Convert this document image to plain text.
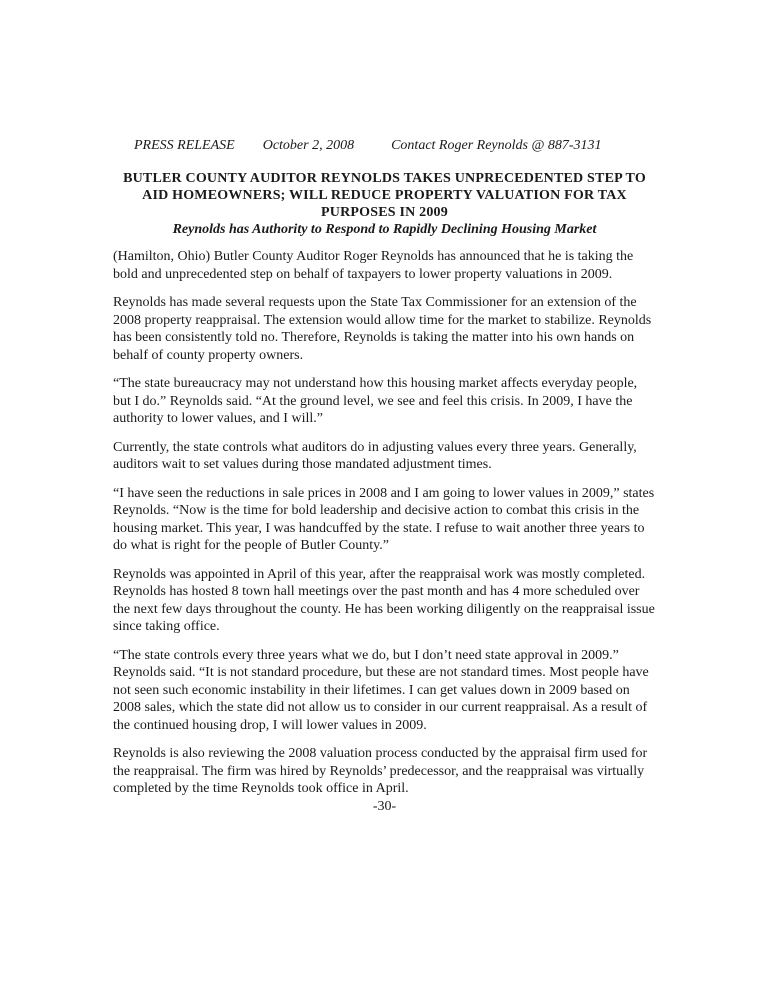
PRESS RELEASE October 2, 2008	Contact Roger Reynolds @ 887-3131
BUTLER COUNTY AUDITOR REYNOLDS TAKES UNPRECEDENTED STEP TO AID HOMEOWNERS; WILL REDUCE PROPERTY VALUATION FOR TAX PURPOSES IN 2009
Reynolds has Authority to Respond to Rapidly Declining Housing Market

(Hamilton, Ohio) Butler County Auditor Roger Reynolds has announced that he is taking the bold and unprecedented step on behalf of taxpayers to lower property valuations in 2009.

Reynolds has made several requests upon the State Tax Commissioner for an extension of the 2008 property reappraisal. The extension would allow time for the market to stabilize. Reynolds has been consistently told no. Therefore, Reynolds is taking the matter into his own hands on behalf of county property owners.

“The state bureaucracy may not understand how this housing market affects everyday people, but I do.” Reynolds said. “At the ground level, we see and feel this crisis. In 2009, I have the authority to lower values, and I will.”

Currently, the state controls what auditors do in adjusting values every three years. Generally, auditors wait to set values during those mandated adjustment times.

“I have seen the reductions in sale prices in 2008 and I am going to lower values in 2009,” states Reynolds. “Now is the time for bold leadership and decisive action to combat this crisis in the housing market. This year, I was handcuffed by the state. I refuse to wait another three years to do what is right for the people of Butler County.”

Reynolds was appointed in April of this year, after the reappraisal work was mostly completed. Reynolds has hosted 8 town hall meetings over the past month and has 4 more scheduled over the next few days throughout the county. He has been working diligently on the reappraisal issue since taking office.

“The state controls every three years what we do, but I don’t need state approval in 2009.” Reynolds said. “It is not standard procedure, but these are not standard times. Most people have not seen such economic instability in their lifetimes. I can get values down in 2009 based on 2008 sales, which the state did not allow us to consider in our current reappraisal. As a result of the continued housing drop, I will lower values in 2009.

Reynolds is also reviewing the 2008 valuation process conducted by the appraisal firm used for the reappraisal. The firm was hired by Reynolds’ predecessor, and the reappraisal was virtually completed by the time Reynolds took office in April.

-30-
